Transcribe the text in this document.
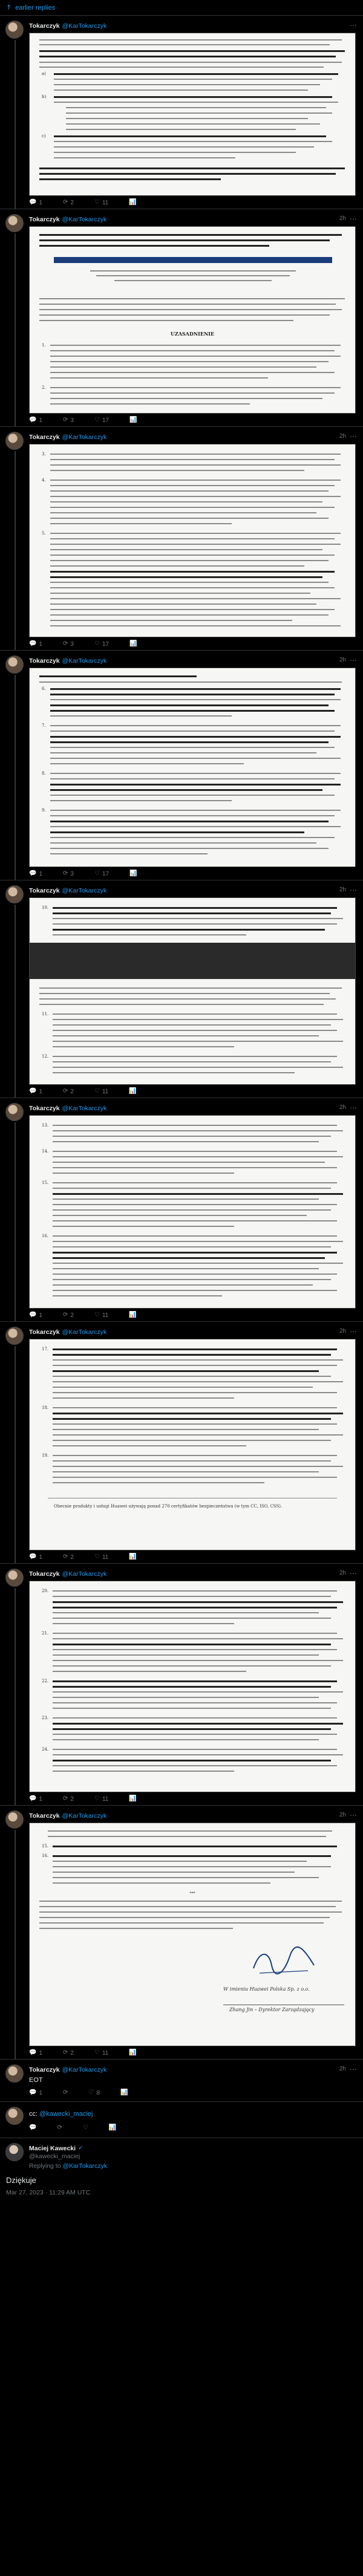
↑ earlier replies
Tokarczyk @KarTokarczyk	⋯
a)
b)
c)
💬 1	⟳ 2	♡ 11	📊
Tokarczyk @KarTokarczyk	2h ⋯
UZASADNIENIE
1.
2.
💬 1	⟳ 3	♡ 17	📊
Tokarczyk @KarTokarczyk	2h ⋯
3.
4.
5.
💬 1	⟳ 3	♡ 17	📊
Tokarczyk @KarTokarczyk	2h ⋯
6.
7.
8.
9.
💬 1	⟳ 3	♡ 17	📊
Tokarczyk @KarTokarczyk	2h ⋯
10.
11.
12.
💬 1	⟳ 2	♡ 11	📊
Tokarczyk @KarTokarczyk	2h ⋯
13.
14.
15.
16.
💬 1	⟳ 2	♡ 11	📊
Tokarczyk @KarTokarczyk	2h ⋯
17.
18.
19.
Obecnie produkty i usługi Huawei używają ponad 270 certyfikatów bezpieczeństwa (w tym CC, ISO, CSS).
💬 1	⟳ 2	♡ 11	📊
Tokarczyk @KarTokarczyk	2h ⋯
20.
21.
22.
23.
24.
💬 1	⟳ 2	♡ 11	📊
Tokarczyk @KarTokarczyk	2h ⋯
15.
16.
***
W imieniu Huawei Polska Sp. z o.o.
Zhang Jin – Dyrektor Zarządzający
💬 1	⟳ 2	♡ 11	📊
Tokarczyk @KarTokarczyk	2h ⋯
EOT
💬 1	⟳	♡ 8	📊
cc: @kawecki_maciej
💬	⟳	♡	📊
Maciej Kawecki ✓
@kawecki_maciej
Replying to @KarTokarczyk
Dziękuje
Mar 27, 2023 · 11:29 AM UTC
